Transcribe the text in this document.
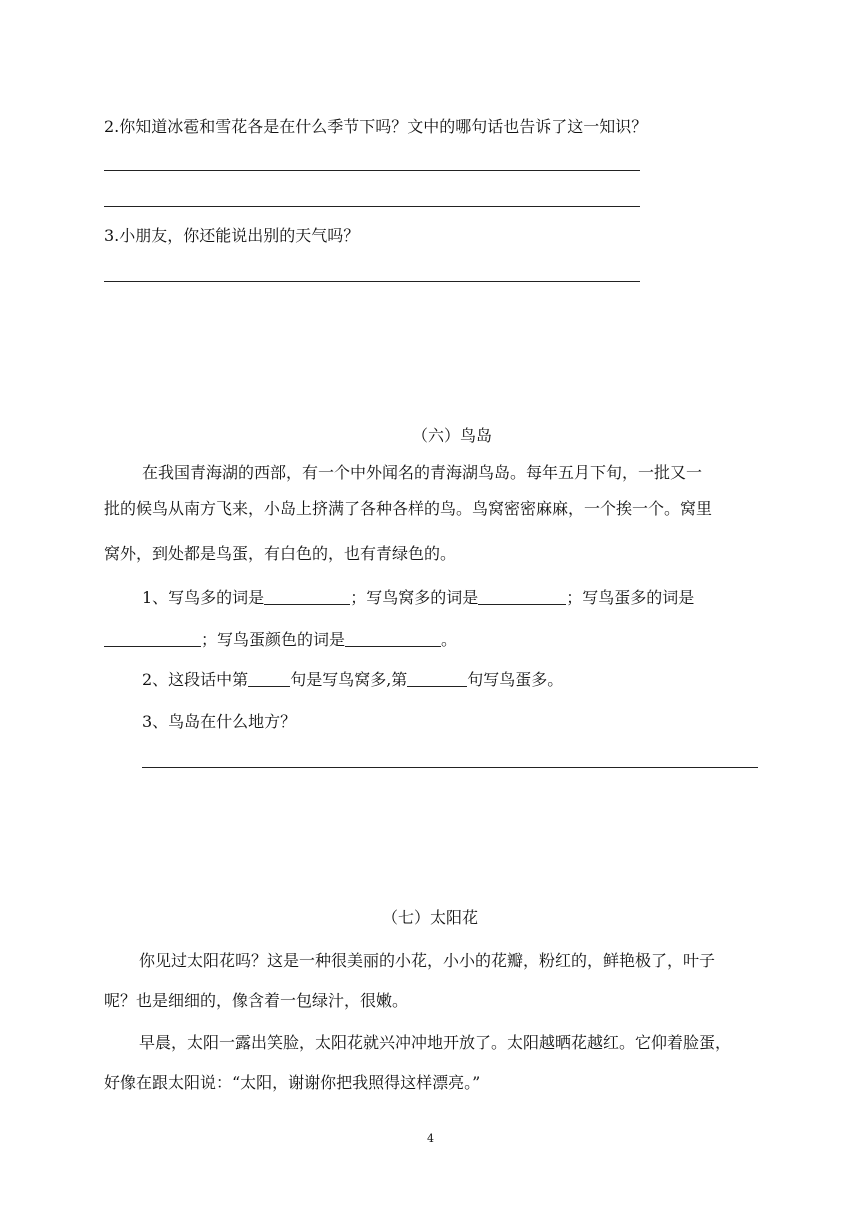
2.你知道冰雹和雪花各是在什么季节下吗？文中的哪句话也告诉了这一知识？
3.小朋友，你还能说出别的天气吗？
（六）鸟岛
在我国青海湖的西部，有一个中外闻名的青海湖鸟岛。每年五月下旬，一批又一
批的候鸟从南方飞来，小岛上挤满了各种各样的鸟。鸟窝密密麻麻，一个挨一个。窝里
窝外，到处都是鸟蛋，有白色的，也有青绿色的。
1、写鸟多的词是	；写鸟窝多的词是	；写鸟蛋多的词是
；写鸟蛋颜色的词是	。
2、这段话中第	句是写鸟窝多,第	句写鸟蛋多。
3、鸟岛在什么地方？
（七）太阳花
你见过太阳花吗？这是一种很美丽的小花，小小的花瓣，粉红的，鲜艳极了，叶子
呢？也是细细的，像含着一包绿汁，很嫩。
早晨，太阳一露出笑脸，太阳花就兴冲冲地开放了。太阳越晒花越红。它仰着脸蛋，
好像在跟太阳说：“太阳，谢谢你把我照得这样漂亮。”
4
